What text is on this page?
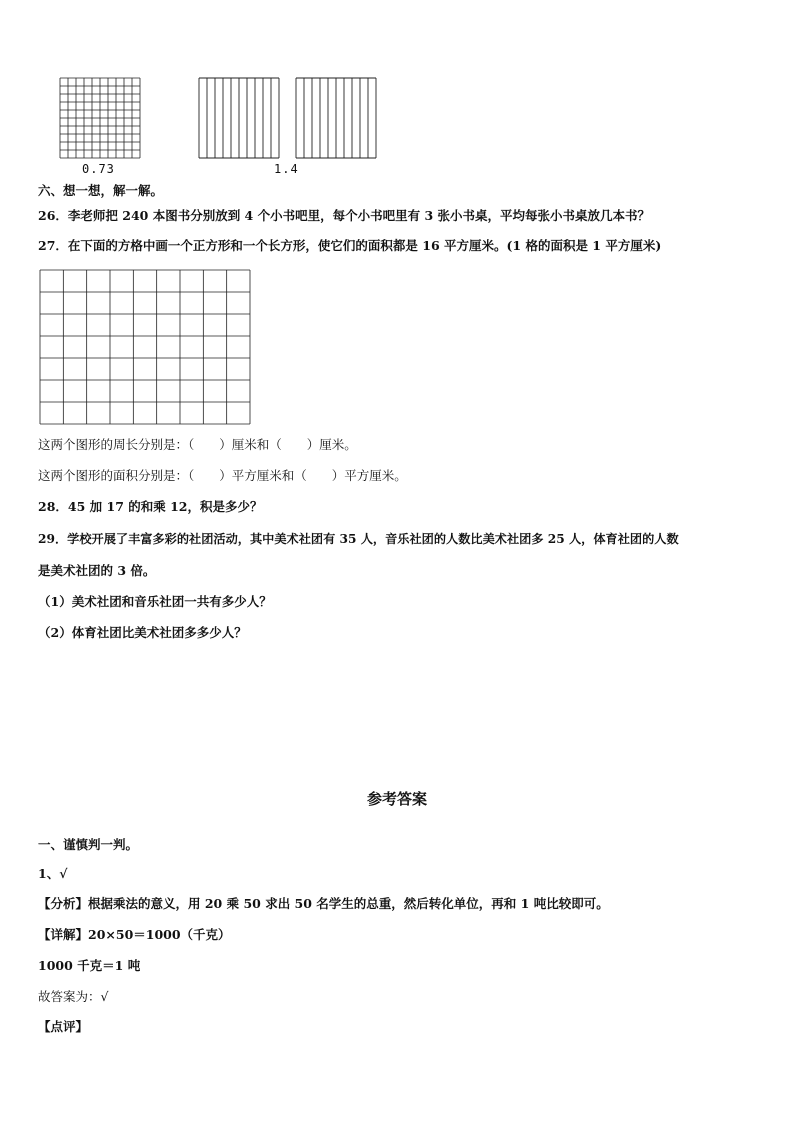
0.73	1.4
六、想一想，解一解。
26．李老师把 240 本图书分别放到 4 个小书吧里，每个小书吧里有 3 张小书桌，平均每张小书桌放几本书？
27．在下面的方格中画一个正方形和一个长方形，使它们的面积都是 16 平方厘米。(1 格的面积是 1 平方厘米)
这两个图形的周长分别是：（　　）厘米和（　　）厘米。
这两个图形的面积分别是：（　　）平方厘米和（　　）平方厘米。
28．45 加 17 的和乘 12，积是多少？
29．学校开展了丰富多彩的社团活动，其中美术社团有 35 人，音乐社团的人数比美术社团多 25 人，体育社团的人数
是美术社团的 3 倍。
（1）美术社团和音乐社团一共有多少人？
（2）体育社团比美术社团多多少人？
参考答案
一、谨慎判一判。
1、√
【分析】根据乘法的意义，用 20 乘 50 求出 50 名学生的总重，然后转化单位，再和 1 吨比较即可。
【详解】20×50＝1000（千克）
1000 千克＝1 吨
故答案为：√
【点评】
